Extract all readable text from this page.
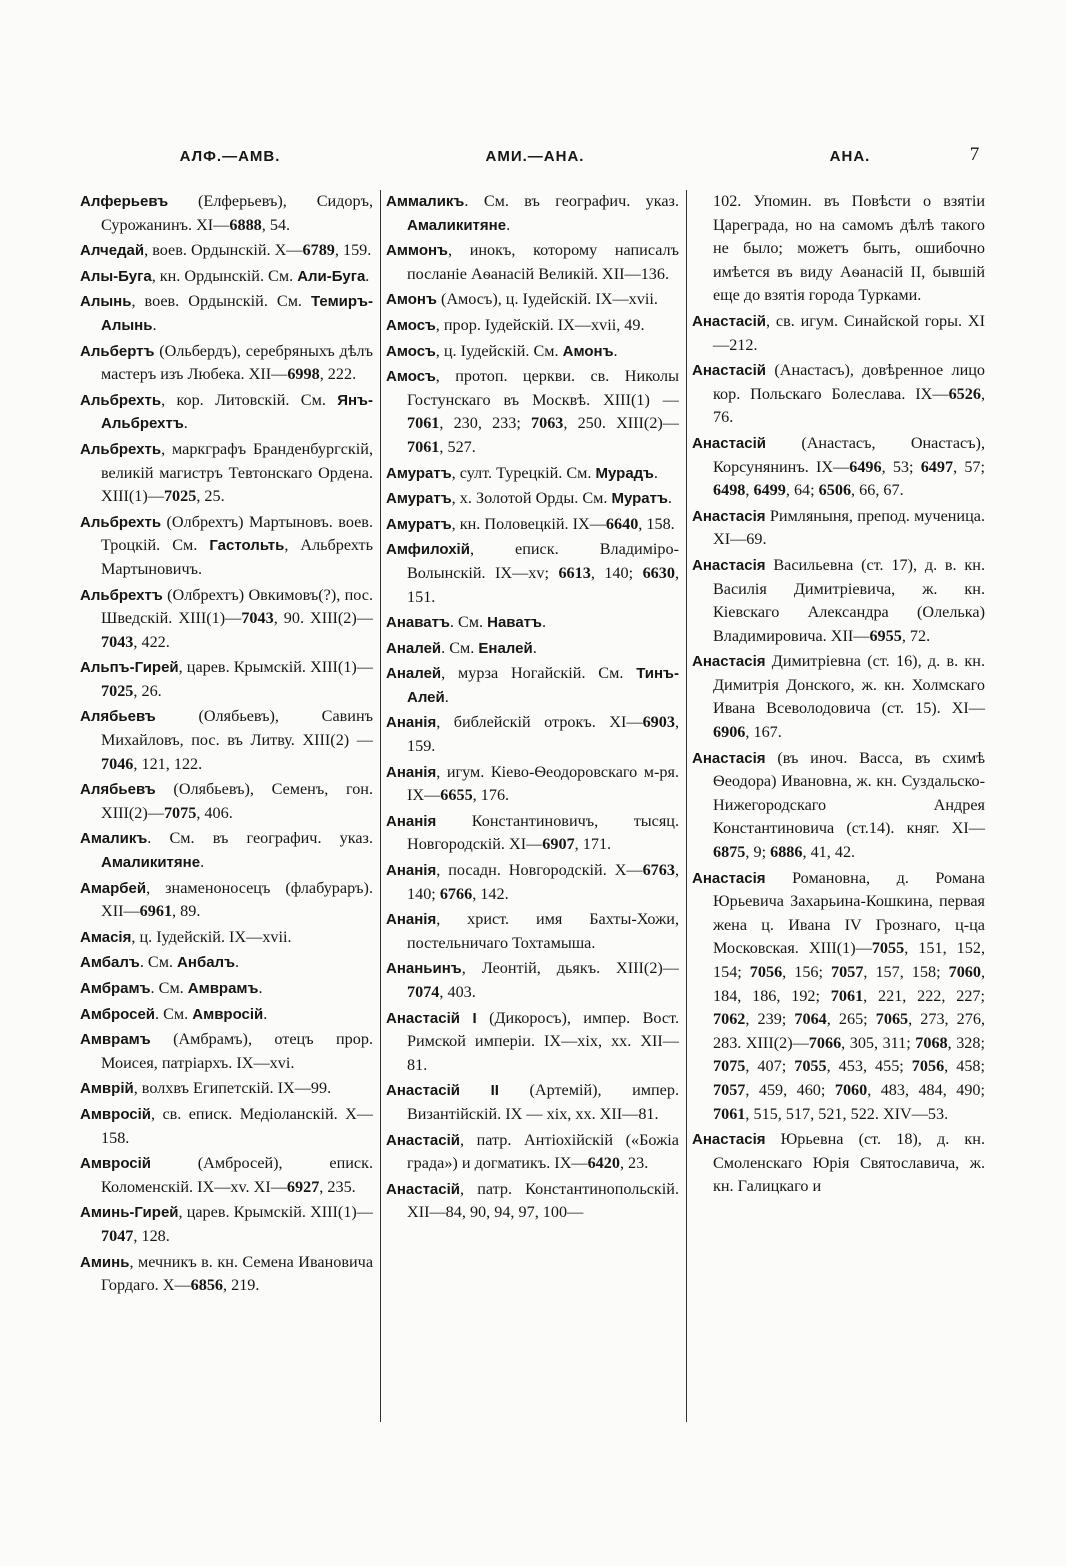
АЛФ.—АМВ.	АМИ.—АНА.	АНА.	7

Алферьевъ (Елферьевъ), Сидоръ, Сурожанинъ. XI—6888, 54.

Алчедай, воев. Ордынскій. X—6789, 159.

Алы-Буга, кн. Ордынскій. См. Али-Буга.

Алынь, воев. Ордынскій. См. Темиръ-Алынь.

Альбертъ (Ольбердъ), серебряныхъ дѣлъ мастеръ изъ Любека. XII—6998, 222.

Альбрехть, кор. Литовскій. См. Янъ-Альбрехтъ.

Альбрехть, маркграфъ Бранденбургскій, великій магистръ Тевтонскаго Ордена. XIII(1)—7025, 25.

Альбрехть (Олбрехтъ) Мартыновъ. воев. Троцкій. См. Гастольть, Альбрехть Мартыновичъ.

Альбрехтъ (Олбрехтъ) Овкимовъ(?), пос. Шведскій. XIII(1)—7043, 90. XIII(2)—7043, 422.

Альпъ-Гирей, царев. Крымскій. XIII(1)—7025, 26.

Алябьевъ (Олябьевъ), Савинъ Михайловъ, пос. въ Литву. XIII(2) —7046, 121, 122.

Алябьевъ (Олябьевъ), Семенъ, гон. XIII(2)—7075, 406.

Амаликъ. См. въ географич. указ. Амаликитяне.

Амарбей, знаменоносецъ (флабураръ). XII—6961, 89.

Амасія, ц. Іудейскій. IX—xvii.

Амбалъ. См. Анбалъ.

Амбрамъ. См. Амврамъ.

Амбросей. См. Амвросій.

Амврамъ (Амбрамъ), отецъ прор. Моисея, патріархъ. IX—xvi.

Амврій, волхвъ Египетскій. IX—99.

Амвросій, св. еписк. Медіоланскій. X—158.

Амвросій (Амбросей), еписк. Коломенскій. IX—xv. XI—6927, 235.

Аминь-Гирей, царев. Крымскій. XIII(1)—7047, 128.

Аминь, мечникъ в. кн. Семена Ивановича Гордаго. X—6856, 219.

Аммаликъ. См. въ географич. указ. Амаликитяне.

Аммонъ, инокъ, которому написалъ посланіе Аѳанасій Великій. XII—136.

Амонъ (Амосъ), ц. Іудейскій. IX—xvii.

Амосъ, прор. Іудейскій. IX—xvii, 49.

Амосъ, ц. Іудейскій. См. Амонъ.

Амосъ, протоп. церкви. св. Николы Гостунскаго въ Москвѣ. XIII(1) —7061, 230, 233; 7063, 250. XIII(2)—7061, 527.

Амуратъ, султ. Турецкій. См. Мурадъ.

Амуратъ, х. Золотой Орды. См. Муратъ.

Амуратъ, кн. Половецкій. IX—6640, 158.

Амфилохій, еписк. Владиміро-Волынскій. IX—xv; 6613, 140; 6630, 151.

Анаватъ. См. Наватъ.

Аналей. См. Еналей.

Аналей, мурза Ногайскій. См. Тинъ-Алей.

Ананія, библейскій отрокъ. XI—6903, 159.

Ананія, игум. Кіево-Ѳеодоровскаго м-ря. IX—6655, 176.

Ананія Константиновичъ, тысяц. Новгородскій. XI—6907, 171.

Ананія, посадн. Новгородскій. X—6763, 140; 6766, 142.

Ананія, христ. имя Бахты-Хожи, постельничаго Тохтамыша.

Ананьинъ, Леонтій, дьякъ. XIII(2)—7074, 403.

Анастасій I (Дикоросъ), импер. Вост. Римской имперіи. IX—xix, xx. XII—81.

Анастасій II (Артемій), импер. Византійскій. IX — xix, xx. XII—81.

Анастасій, патр. Антіохійскій («Божіа града») и догматикъ. IX—6420, 23.

Анастасій, патр. Константинопольскій. XII—84, 90, 94, 97, 100—

102. Упомин. въ Повѣсти о взятіи Цареграда, но на самомъ дѣлѣ такого не было; можетъ быть, ошибочно имѣется въ виду Аѳанасій II, бывшій еще до взятія города Турками.

Анастасій, св. игум. Синайской горы. XI—212.

Анастасій (Анастасъ), довѣренное лицо кор. Польскаго Болеслава. IX—6526, 76.

Анастасій (Анастасъ, Онастасъ), Корсунянинъ. IX—6496, 53; 6497, 57; 6498, 6499, 64; 6506, 66, 67.

Анастасія Римляныня, препод. мученица. XI—69.

Анастасія Васильевна (ст. 17), д. в. кн. Василія Димитріевича, ж. кн. Кіевскаго Александра (Олелька) Владимировича. XII—6955, 72.

Анастасія Димитріевна (ст. 16), д. в. кн. Димитрія Донского, ж. кн. Холмскаго Ивана Всеволодовича (ст. 15). XI—6906, 167.

Анастасія (въ иноч. Васса, въ схимѣ Ѳеодора) Ивановна, ж. кн. Суздальско-Нижегородскаго Андрея Константиновича (ст.14). княг. XI—6875, 9; 6886, 41, 42.

Анастасія Романовна, д. Романа Юрьевича Захарьина-Кошкина, первая жена ц. Ивана IV Грознаго, ц-ца Московская. XIII(1)—7055, 151, 152, 154; 7056, 156; 7057, 157, 158; 7060, 184, 186, 192; 7061, 221, 222, 227; 7062, 239; 7064, 265; 7065, 273, 276, 283. XIII(2)—7066, 305, 311; 7068, 328; 7075, 407; 7055, 453, 455; 7056, 458; 7057, 459, 460; 7060, 483, 484, 490; 7061, 515, 517, 521, 522. XIV—53.

Анастасія Юрьевна (ст. 18), д. кн. Смоленскаго Юрія Святославича, ж. кн. Галицкаго и
